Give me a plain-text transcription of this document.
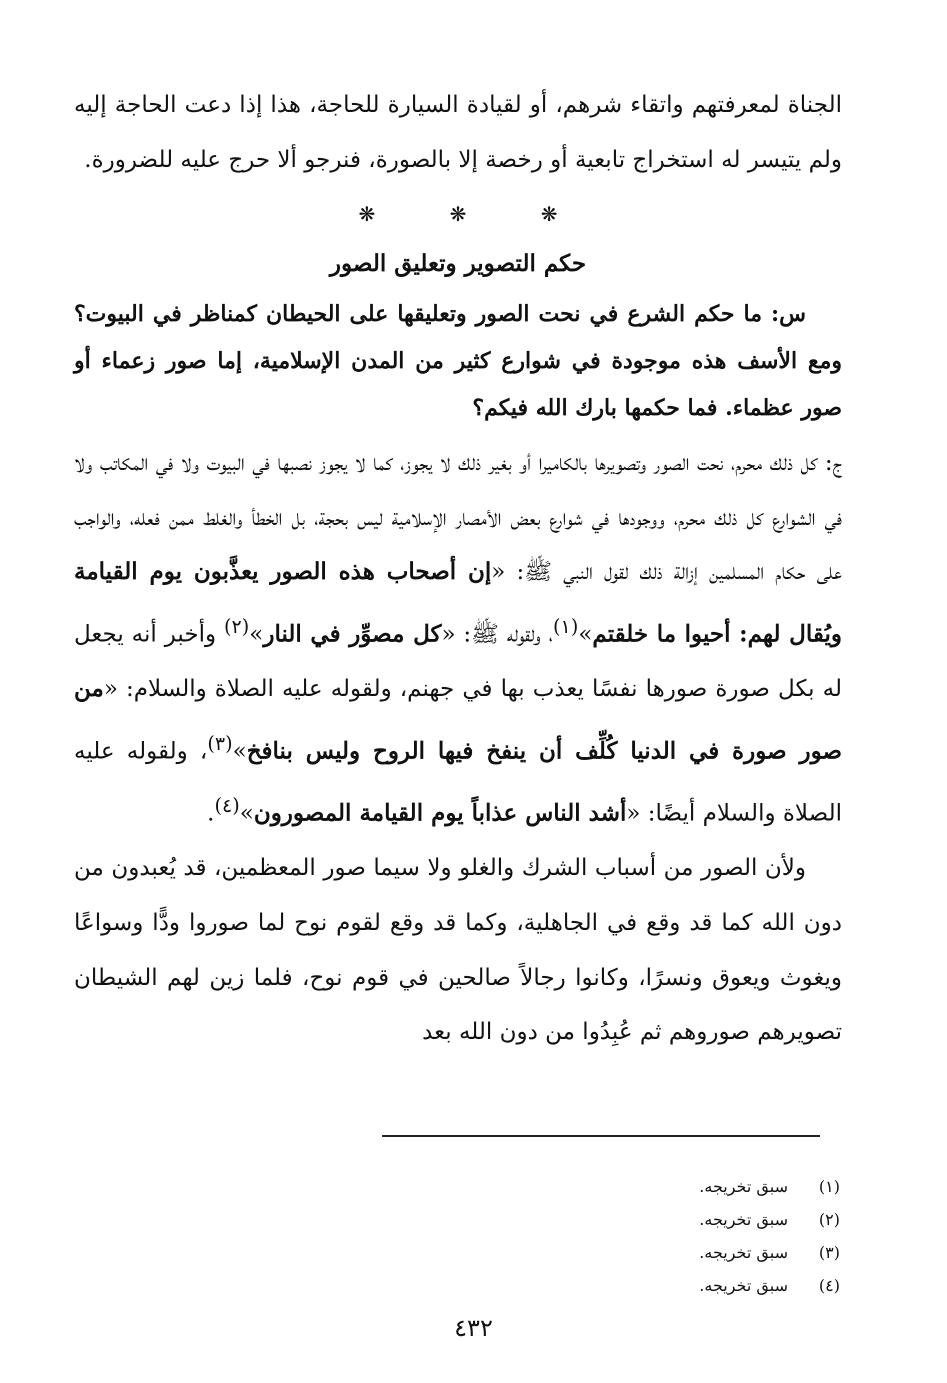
الجناة لمعرفتهم واتقاء شرهم، أو لقيادة السيارة للحاجة، هذا إذا دعت الحاجة إليه ولم يتيسر له استخراج تابعية أو رخصة إلا بالصورة، فنرجو ألا حرج عليه للضرورة.

❋	❋	❋
حكم التصوير وتعليق الصور

س: ما حكم الشرع في نحت الصور وتعليقها على الحيطان كمناظر في البيوت؟ ومع الأسف هذه موجودة في شوارع كثير من المدن الإسلامية، إما صور زعماء أو صور عظماء. فما حكمها بارك الله فيكم؟

ج: كل ذلك محرم، نحت الصور وتصويرها بالكاميرا أو بغير ذلك لا يجوز، كما لا يجوز نصبها في البيوت ولا في المكاتب ولا في الشوارع كل ذلك محرم، ووجودها في شوارع بعض الأمصار الإسلامية ليس بحجة، بل الخطأ والغلط ممن فعله، والواجب على حكام المسلمين إزالة ذلك لقول النبي ﷺ: «إن أصحاب هذه الصور يعذَّبون يوم القيامة ويُقال لهم: أحيوا ما خلقتم»$^{(١)}$، ولقوله ﷺ: «كل مصوِّر في النار»$^{(٢)}$ وأخبر أنه يجعل له بكل صورة صورها نفسًا يعذب بها في جهنم، ولقوله عليه الصلاة والسلام: «من صور صورة في الدنيا كُلِّف أن ينفخ فيها الروح وليس بنافخ»$^{(٣)}$، ولقوله عليه الصلاة والسلام أيضًا: «أشد الناس عذاباً يوم القيامة المصورون»$^{(٤)}$.

ولأن الصور من أسباب الشرك والغلو ولا سيما صور المعظمين، قد يُعبدون من دون الله كما قد وقع في الجاهلية، وكما قد وقع لقوم نوح لما صوروا ودًّا وسواعًا ويغوث ويعوق ونسرًا، وكانوا رجالاً صالحين في قوم نوح، فلما زين لهم الشيطان تصويرهم صوروهم ثم عُبِدُوا من دون الله بعد

(١)سبق تخريجه.
(٢)سبق تخريجه.
(٣)سبق تخريجه.
(٤)سبق تخريجه.
٤٣٢
